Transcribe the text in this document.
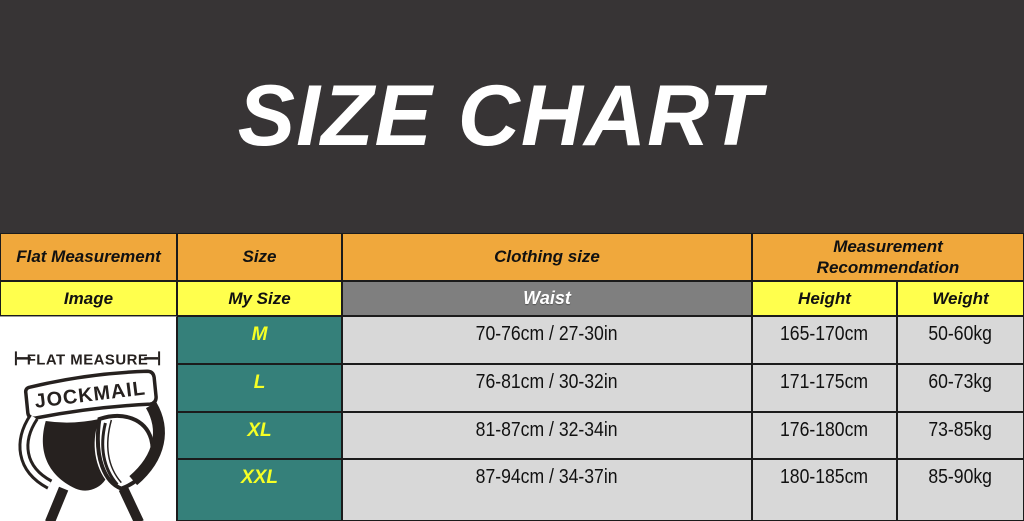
SIZE CHART
Flat Measurement	Size	Clothing size
Measurement Recommendation
Image	My Size	Waist	Height	Weight
FLAT MEASURE
JOCKMAIL
M	70-76cm / 27-30in	165-170cm	50-60kg
L	76-81cm / 30-32in	171-175cm	60-73kg
XL	81-87cm / 32-34in	176-180cm	73-85kg
XXL	87-94cm / 34-37in	180-185cm	85-90kg
